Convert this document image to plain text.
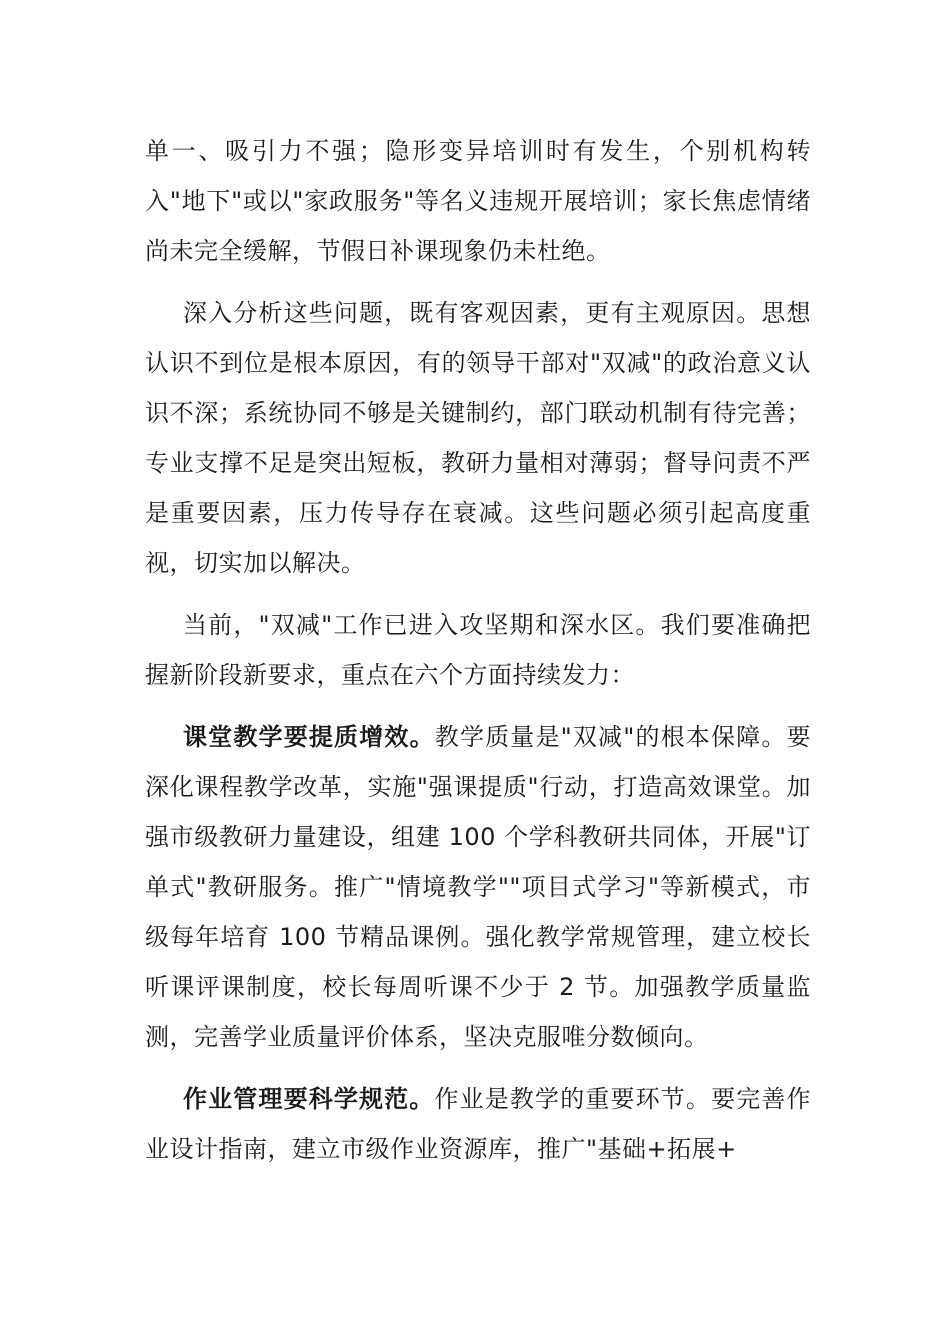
单一、吸引力不强；隐形变异培训时有发生，个别机构转入"地下"或以"家政服务"等名义违规开展培训；家长焦虑情绪尚未完全缓解，节假日补课现象仍未杜绝。

深入分析这些问题，既有客观因素，更有主观原因。思想认识不到位是根本原因，有的领导干部对"双减"的政治意义认识不深；系统协同不够是关键制约，部门联动机制有待完善；专业支撑不足是突出短板，教研力量相对薄弱；督导问责不严是重要因素，压力传导存在衰减。这些问题必须引起高度重视，切实加以解决。

当前，"双减"工作已进入攻坚期和深水区。我们要准确把握新阶段新要求，重点在六个方面持续发力：

课堂教学要提质增效。教学质量是"双减"的根本保障。要深化课程教学改革，实施"强课提质"行动，打造高效课堂。加强市级教研力量建设，组建 100 个学科教研共同体，开展"订单式"教研服务。推广"情境教学""项目式学习"等新模式，市级每年培育 100 节精品课例。强化教学常规管理，建立校长听课评课制度，校长每周听课不少于 2 节。加强教学质量监测，完善学业质量评价体系，坚决克服唯分数倾向。

作业管理要科学规范。作业是教学的重要环节。要完善作业设计指南，建立市级作业资源库，推广"基础+拓展+
